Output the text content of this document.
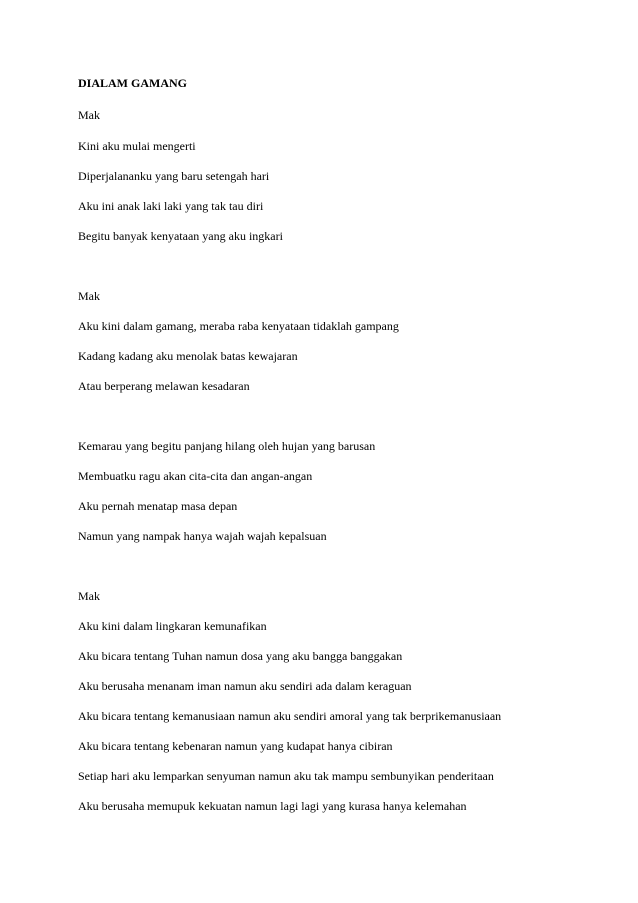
DIALAM GAMANG
Mak
Kini aku mulai mengerti
Diperjalananku yang baru setengah hari
Aku ini anak laki laki yang tak tau diri
Begitu banyak kenyataan yang aku ingkari
Mak
Aku kini dalam gamang, meraba raba kenyataan tidaklah gampang
Kadang kadang aku menolak batas kewajaran
Atau berperang melawan kesadaran
Kemarau yang begitu panjang hilang oleh hujan yang barusan
Membuatku ragu akan cita-cita dan angan-angan
Aku pernah menatap masa depan
Namun yang nampak hanya wajah wajah kepalsuan
Mak
Aku kini dalam lingkaran kemunafikan
Aku bicara tentang Tuhan namun dosa yang aku bangga banggakan
Aku berusaha menanam iman namun aku sendiri ada dalam keraguan
Aku bicara tentang kemanusiaan namun aku sendiri amoral yang tak berprikemanusiaan
Aku bicara tentang kebenaran namun yang kudapat hanya cibiran
Setiap hari aku lemparkan senyuman namun aku tak mampu sembunyikan penderitaan
Aku berusaha memupuk kekuatan namun lagi lagi yang kurasa hanya kelemahan
